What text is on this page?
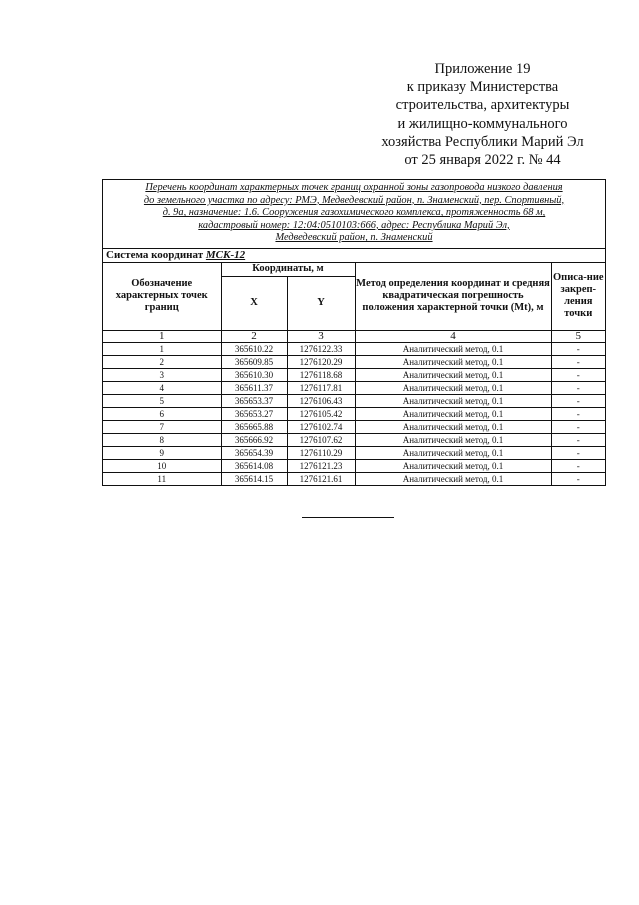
Приложение 19
к приказу Министерства
строительства, архитектуры
и жилищно-коммунального
хозяйства Республики Марий Эл
от 25 января 2022 г. № 44
Перечень координат характерных точек границ охранной зоны газопровода низкого давления
до земельного участка по адресу: РМЭ, Медведевский район, п. Знаменский, пер. Спортивный,
д. 9а, назначение: 1.6. Сооружения газохимического комплекса, протяженность 68 м,
кадастровый номер: 12:04:0510103:666, адрес: Республика Марий Эл,
Медведевский район, п. Знаменский
Система координат МСК-12				
Обозначение характерных точек границ	Координаты, м		Метод определения координат и средняя квадратическая погрешность положения характерной точки (Mt), м	Описа-ние закреп-ления точки
	X	Y		
1	2	3	4	5
1	365610.22	1276122.33	Аналитический метод, 0.1	-
2	365609.85	1276120.29	Аналитический метод, 0.1	-
3	365610.30	1276118.68	Аналитический метод, 0.1	-
4	365611.37	1276117.81	Аналитический метод, 0.1	-
5	365653.37	1276106.43	Аналитический метод, 0.1	-
6	365653.27	1276105.42	Аналитический метод, 0.1	-
7	365665.88	1276102.74	Аналитический метод, 0.1	-
8	365666.92	1276107.62	Аналитический метод, 0.1	-
9	365654.39	1276110.29	Аналитический метод, 0.1	-
10	365614.08	1276121.23	Аналитический метод, 0.1	-
11	365614.15	1276121.61	Аналитический метод, 0.1	-
